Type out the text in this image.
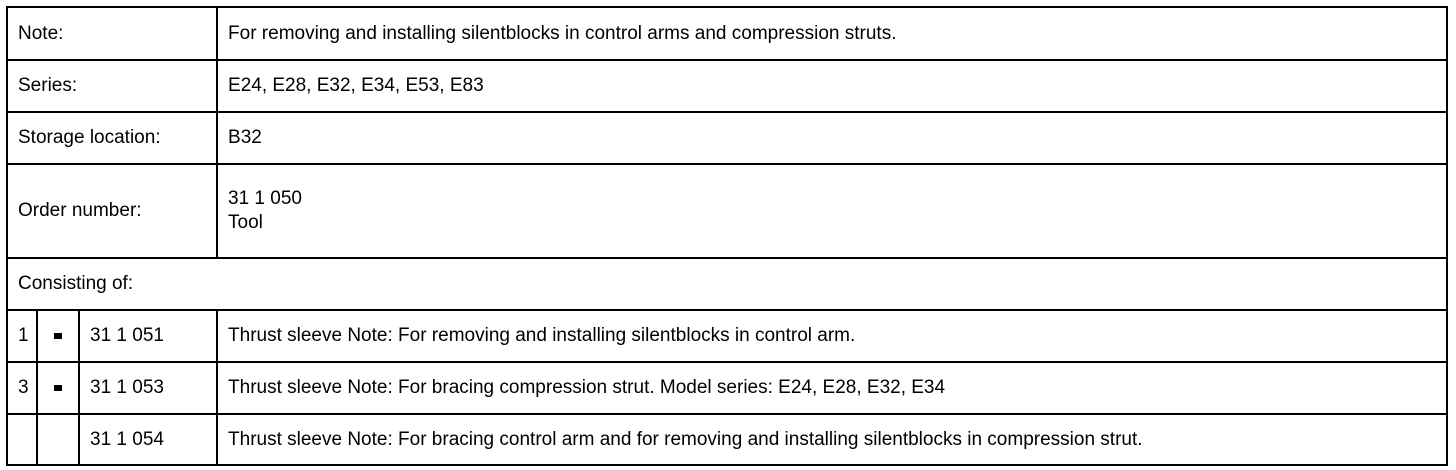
Note:			For removing and installing silentblocks in control arms and compression struts.
Series:			E24, E28, E32, E34, E53, E83
Storage location:			B32
Order number:			31 1 050
Tool

Consisting of:			
1		31 1 051	Thrust sleeve Note: For removing and installing silentblocks in control arm.
3		31 1 053	Thrust sleeve Note: For bracing compression strut. Model series: E24, E28, E32, E34
		31 1 054	Thrust sleeve Note: For bracing control arm and for removing and installing silentblocks in compression strut.
